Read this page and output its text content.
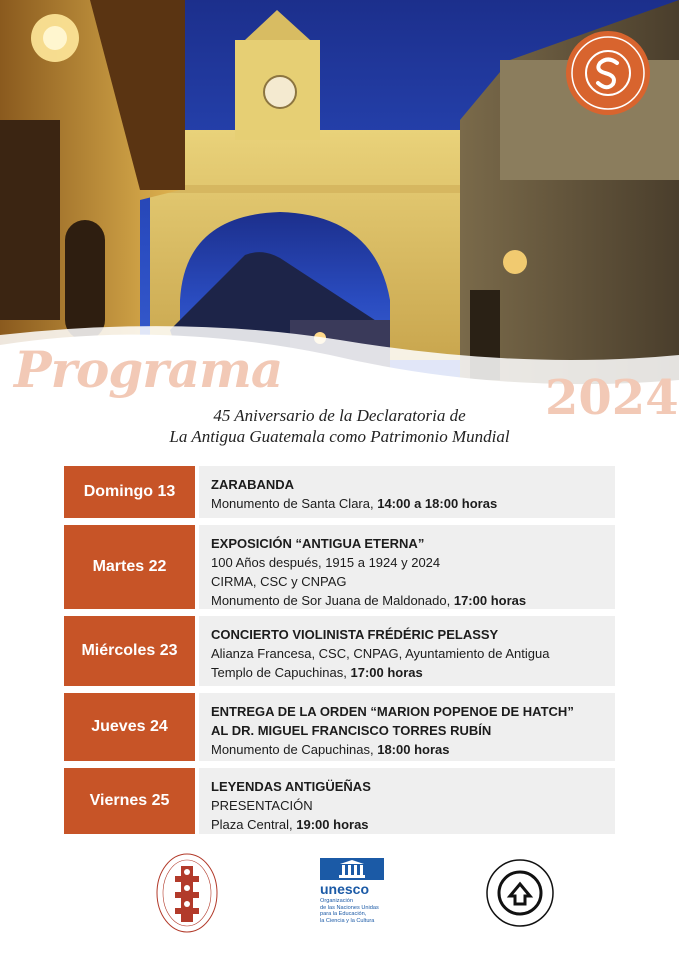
Programa	2024
45 Aniversario de la Declaratoria de
La Antigua Guatemala como Patrimonio Mundial
Domingo 13	ZARABANDA
Monumento de Santa Clara, 14:00 a 18:00 horas
Martes 22
EXPOSICIÓN “ANTIGUA ETERNA”
100 Años después, 1915 a 1924 y 2024
CIRMA, CSC y CNPAG
Monumento de Sor Juana de Maldonado, 17:00 horas
Miércoles 23
CONCIERTO VIOLINISTA FRÉDÉRIC PELASSY
Alianza Francesa, CSC, CNPAG, Ayuntamiento de Antigua
Templo de Capuchinas, 17:00 horas
Jueves 24
ENTREGA DE LA ORDEN “MARION POPENOE DE HATCH”
AL DR. MIGUEL FRANCISCO TORRES RUBÍN
Monumento de Capuchinas, 18:00 horas
Viernes 25
LEYENDAS ANTIGÜEÑAS
PRESENTACIÓN
Plaza Central, 19:00 horas
unesco
Organización
de las Naciones Unidas
para la Educación,
la Ciencia y la Cultura
